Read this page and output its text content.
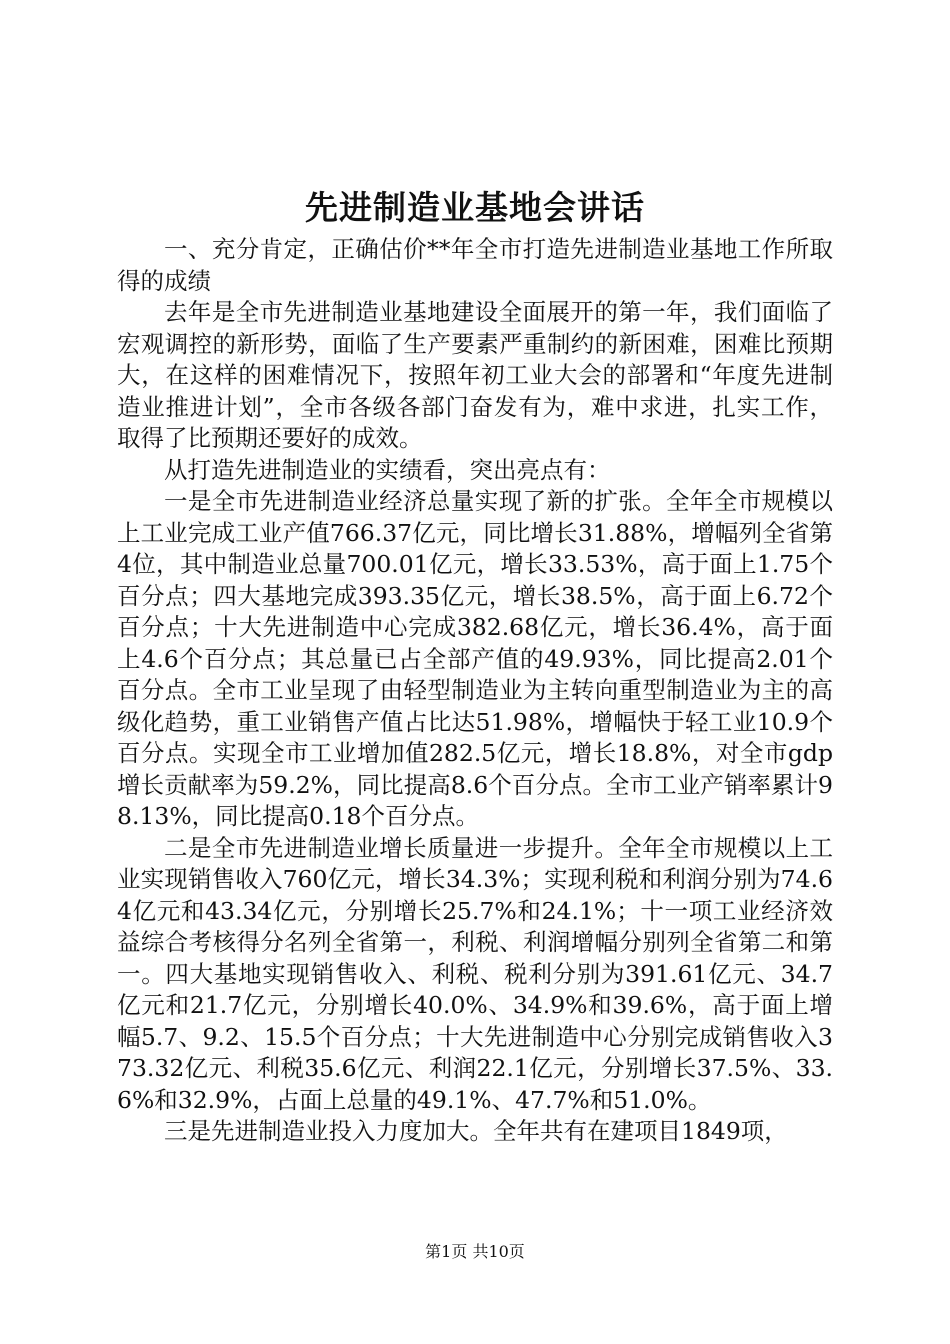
先进制造业基地会讲话

一、充分肯定，正确估价**年全市打造先进制造业基地工作所取得的成绩

去年是全市先进制造业基地建设全面展开的第一年，我们面临了宏观调控的新形势，面临了生产要素严重制约的新困难，困难比预期大，在这样的困难情况下，按照年初工业大会的部署和“年度先进制造业推进计划”，全市各级各部门奋发有为，难中求进，扎实工作，取得了比预期还要好的成效。

从打造先进制造业的实绩看，突出亮点有：

一是全市先进制造业经济总量实现了新的扩张。全年全市规模以上工业完成工业产值766.37亿元，同比增长31.88%，增幅列全省第4位，其中制造业总量700.01亿元，增长33.53%，高于面上1.75个百分点；四大基地完成393.35亿元，增长38.5%，高于面上6.72个百分点；十大先进制造中心完成382.68亿元，增长36.4%，高于面上4.6个百分点；其总量已占全部产值的49.93%，同比提高2.01个百分点。全市工业呈现了由轻型制造业为主转向重型制造业为主的高级化趋势，重工业销售产值占比达51.98%，增幅快于轻工业10.9个百分点。实现全市工业增加值282.5亿元，增长18.8%，对全市gdp增长贡献率为59.2%，同比提高8.6个百分点。全市工业产销率累计98.13%，同比提高0.18个百分点。

二是全市先进制造业增长质量进一步提升。全年全市规模以上工业实现销售收入760亿元，增长34.3%；实现利税和利润分别为74.64亿元和43.34亿元，分别增长25.7%和24.1%；十一项工业经济效益综合考核得分名列全省第一，利税、利润增幅分别列全省第二和第一。四大基地实现销售收入、利税、税利分别为391.61亿元、34.7亿元和21.7亿元，分别增长40.0%、34.9%和39.6%，高于面上增幅5.7、9.2、15.5个百分点；十大先进制造中心分别完成销售收入373.32亿元、利税35.6亿元、利润22.1亿元，分别增长37.5%、33.6%和32.9%，占面上总量的49.1%、47.7%和51.0%。

三是先进制造业投入力度加大。全年共有在建项目1849项，

第1页 共10页
